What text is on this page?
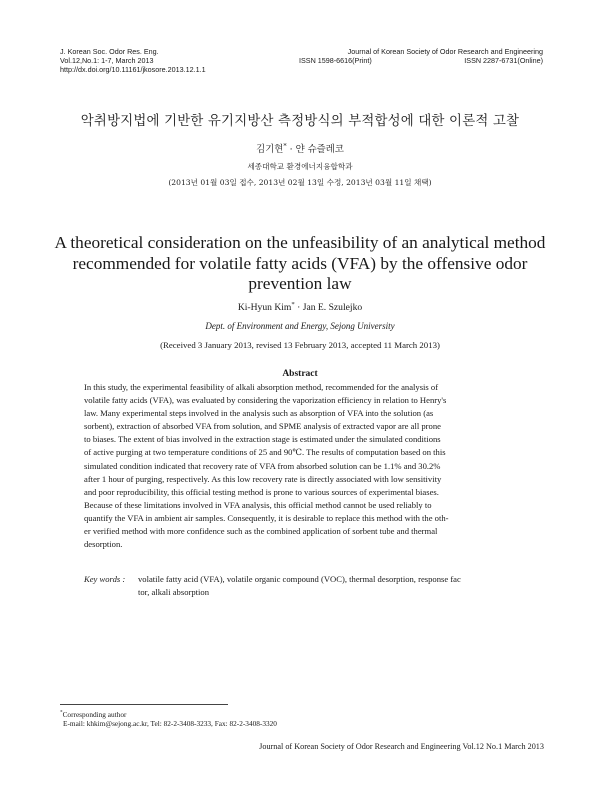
J. Korean Soc. Odor Res. Eng.
Vol.12,No.1: 1-7, March 2013
http://dx.doi.org/10.11161/jkosore.2013.12.1.1
Journal of Korean Society of Odor Research and Engineering
ISSN 1598-6616(Print)	ISSN 2287-6731(Online)
악취방지법에 기반한 유기지방산 측정방식의 부적합성에 대한 이론적 고찰
김기현* · 얀 슈즐레코
세종대학교 환경에너지융합학과
(2013년 01월 03일 접수, 2013년 02월 13일 수정, 2013년 03월 11일 채택)
A theoretical consideration on the unfeasibility of an analytical method
recommended for volatile fatty acids (VFA) by the offensive odor
prevention law
Ki-Hyun Kim* · Jan E. Szulejko
Dept. of Environment and Energy, Sejong University
(Received 3 January 2013, revised 13 February 2013, accepted 11 March 2013)
Abstract
In this study, the experimental feasibility of alkali absorption method, recommended for the analysis of
volatile fatty acids (VFA), was evaluated by considering the vaporization efficiency in relation to Henry's
law. Many experimental steps involved in the analysis such as absorption of VFA into the solution (as
sorbent), extraction of absorbed VFA from solution, and SPME analysis of extracted vapor are all prone
to biases. The extent of bias involved in the extraction stage is estimated under the simulated conditions
of active purging at two temperature conditions of 25 and 90℃. The results of computation based on this
simulated condition indicated that recovery rate of VFA from absorbed solution can be 1.1% and 30.2%
after 1 hour of purging, respectively. As this low recovery rate is directly associated with low sensitivity
and poor reproducibility, this official testing method is prone to various sources of experimental biases.
Because of these limitations involved in VFA analysis, this official method cannot be used reliably to
quantify the VFA in ambient air samples. Consequently, it is desirable to replace this method with the oth-
er verified method with more confidence such as the combined application of sorbent tube and thermal
desorption.
Key words : volatile fatty acid (VFA), volatile organic compound (VOC), thermal desorption, response fac
tor, alkali absorption
*Corresponding author
E-mail: khkim@sejong.ac.kr, Tel: 82-2-3408-3233, Fax: 82-2-3408-3320
Journal of Korean Society of Odor Research and Engineering Vol.12 No.1 March 2013
